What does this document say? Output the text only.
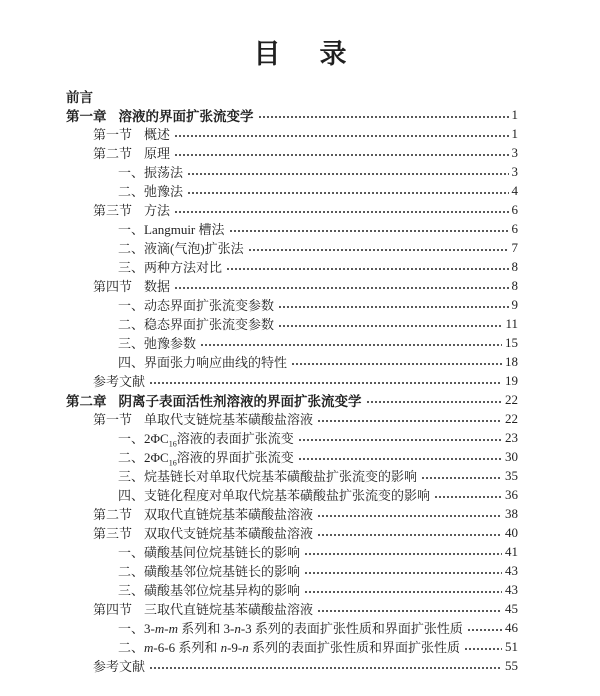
目　录
前言
第一章 溶液的界面扩张流变学	1
第一节 概述	1
第二节 原理	3
一、振荡法	3
二、弛豫法	4
第三节 方法	6
一、Langmuir 槽法	6
二、液滴(气泡)扩张法	7
三、两种方法对比	8
第四节 数据	8
一、动态界面扩张流变参数	9
二、稳态界面扩张流变参数	11
三、弛豫参数	15
四、界面张力响应曲线的特性	18
参考文献	19
第二章 阴离子表面活性剂溶液的界面扩张流变学	22
第一节 单取代支链烷基苯磺酸盐溶液	22
一、$2\Phi C_{16}$溶液的表面扩张流变	23
二、$2\Phi C_{16}$溶液的界面扩张流变	30
三、烷基链长对单取代烷基苯磺酸盐扩张流变的影响	35
四、支链化程度对单取代烷基苯磺酸盐扩张流变的影响	36
第二节 双取代直链烷基苯磺酸盐溶液	38
第三节 双取代支链烷基苯磺酸盐溶液	40
一、磺酸基间位烷基链长的影响	41
二、磺酸基邻位烷基链长的影响	43
三、磺酸基邻位烷基异构的影响	43
第四节 三取代直链烷基苯磺酸盐溶液	45
一、3-m-m 系列和 3-n-3 系列的表面扩张性质和界面扩张性质	46
二、m-6-6 系列和 n-9-n 系列的表面扩张性质和界面扩张性质	51
参考文献	55
